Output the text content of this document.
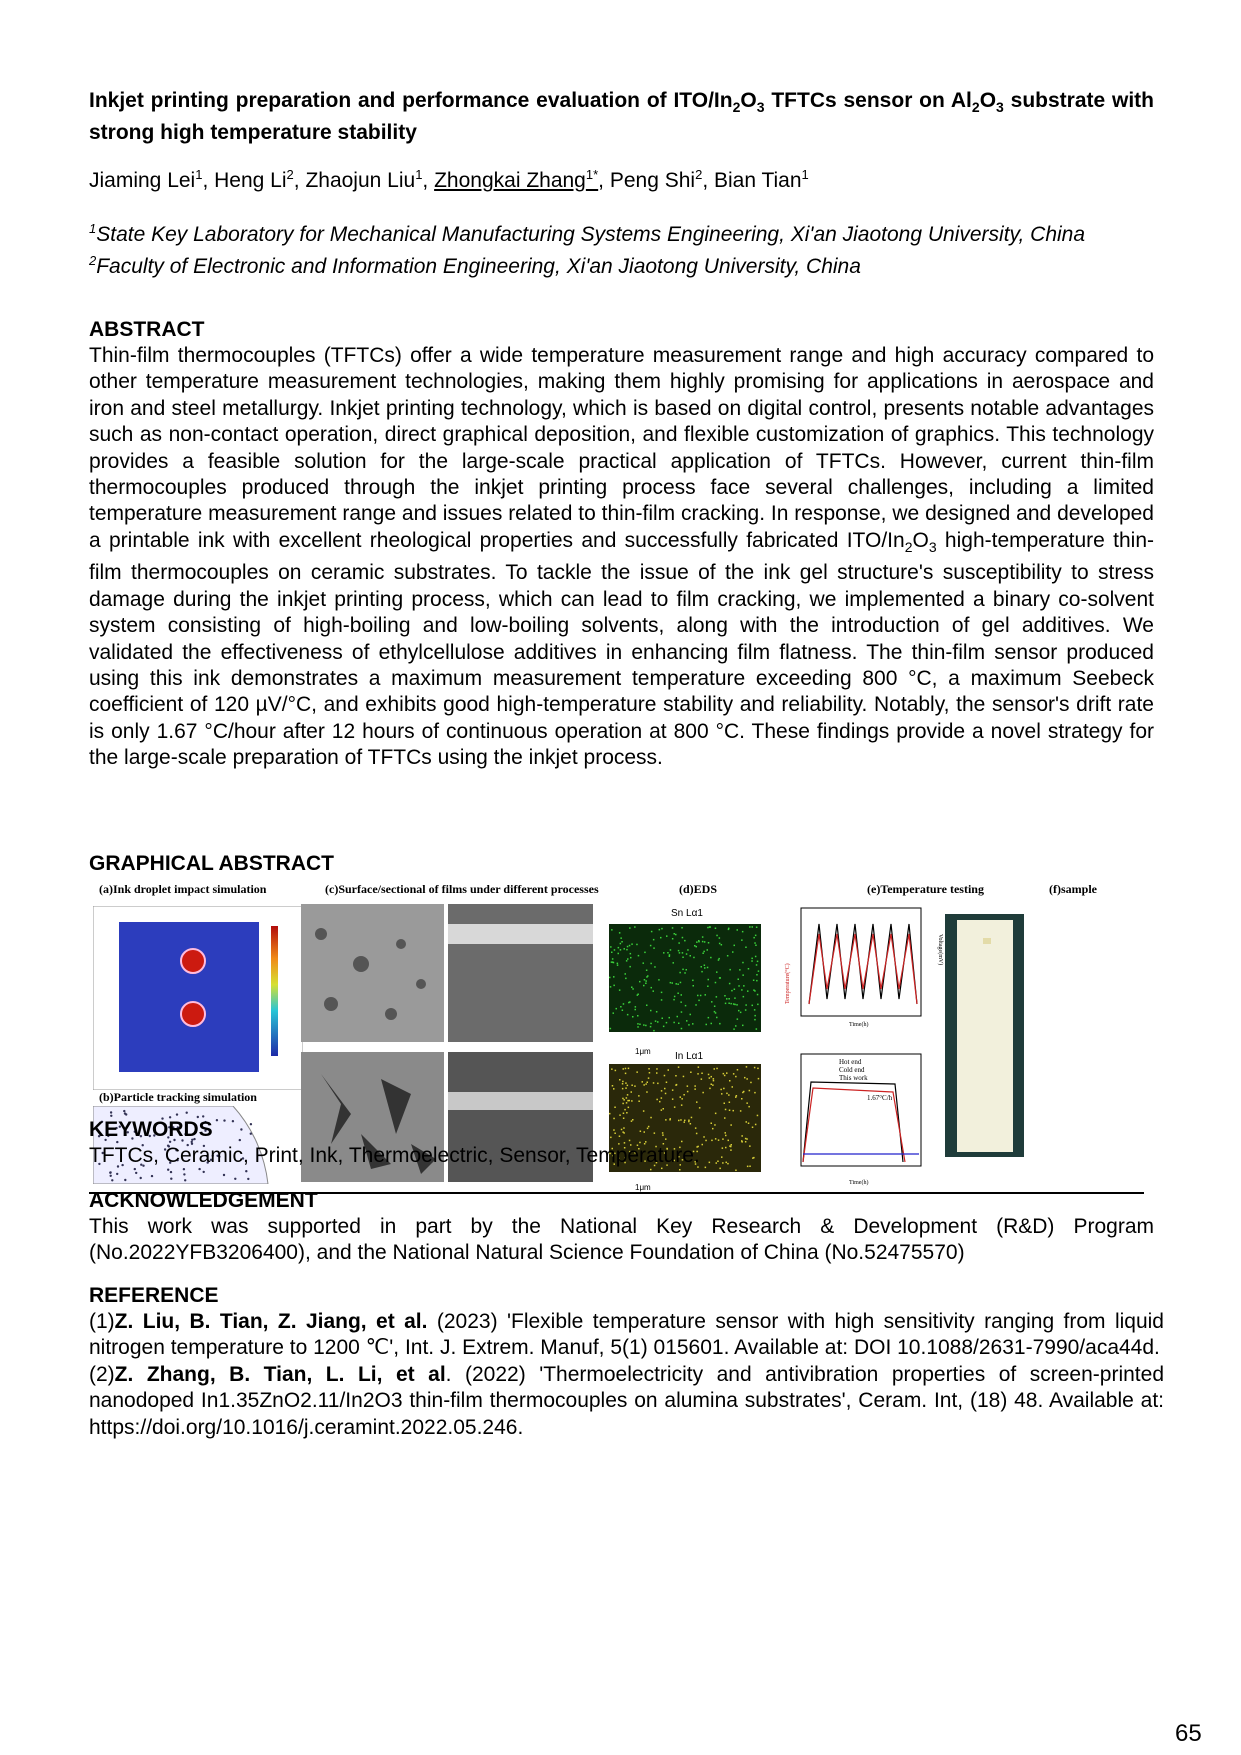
Inkjet printing preparation and performance evaluation of ITO/$In_2O_3$ TFTCs sensor on $Al_2O_3$ substrate with strong high temperature stability

Jiaming Lei$^1$, Heng Li$^2$, Zhaojun Liu$^1$, Zhongkai Zhang$^{1*}$, Peng Shi$^2$, Bian Tian$^1$
$^1$State Key Laboratory for Mechanical Manufacturing Systems Engineering, Xi'an Jiaotong University, China
$^2$Faculty of Electronic and Information Engineering, Xi'an Jiaotong University, China

ABSTRACT

Thin-film thermocouples (TFTCs) offer a wide temperature measurement range and high accuracy compared to other temperature measurement technologies, making them highly promising for applications in aerospace and iron and steel metallurgy. Inkjet printing technology, which is based on digital control, presents notable advantages such as non-contact operation, direct graphical deposition, and flexible customization of graphics. This technology provides a feasible solution for the large-scale practical application of TFTCs. However, current thin-film thermocouples produced through the inkjet printing process face several challenges, including a limited temperature measurement range and issues related to thin-film cracking. In response, we designed and developed a printable ink with excellent rheological properties and successfully fabricated ITO/$In_2O_3$ high-temperature thin-film thermocouples on ceramic substrates. To tackle the issue of the ink gel structure's susceptibility to stress damage during the inkjet printing process, which can lead to film cracking, we implemented a binary co-solvent system consisting of high-boiling and low-boiling solvents, along with the introduction of gel additives. We validated the effectiveness of ethylcellulose additives in enhancing film flatness. The thin-film sensor produced using this ink demonstrates a maximum measurement temperature exceeding 800 °C, a maximum Seebeck coefficient of 120 µV/°C, and exhibits good high-temperature stability and reliability. Notably, the sensor's drift rate is only 1.67 °C/hour after 12 hours of continuous operation at 800 °C. These findings provide a novel strategy for the large-scale preparation of TFTCs using the inkjet process.

GRAPHICAL ABSTRACT

(a)Ink droplet impact simulation	(c)Surface/sectional of films under different processes	(d)EDS	(e)Temperature testing	(f)sample
(b)Particle tracking simulation
Sn Lα1
In Lα1
1μm
1μm
Hot end
Cold end
This work
1.67°C/h
Time(h)
Time(h)
Temperature(°C)
Voltage(mV)

KEYWORDS

TFTCs, Ceramic, Print, Ink, Thermoelectric, Sensor, Temperature.

ACKNOWLEDGEMENT

This work was supported in part by the National Key Research & Development (R&D) Program (No.2022YFB3206400), and the National Natural Science Foundation of China (No.52475570)

REFERENCE

(1)Z. Liu, B. Tian, Z. Jiang, et al. (2023) 'Flexible temperature sensor with high sensitivity ranging from liquid nitrogen temperature to 1200 ℃', Int. J. Extrem. Manuf, 5(1) 015601. Available at: DOI 10.1088/2631-7990/aca44d.

(2)Z. Zhang, B. Tian, L. Li, et al. (2022) 'Thermoelectricity and antivibration properties of screen-printed nanodoped In1.35ZnO2.11/In2O3 thin-film thermocouples on alumina substrates', Ceram. Int, (18) 48. Available at: https://doi.org/10.1016/j.ceramint.2022.05.246.

65
